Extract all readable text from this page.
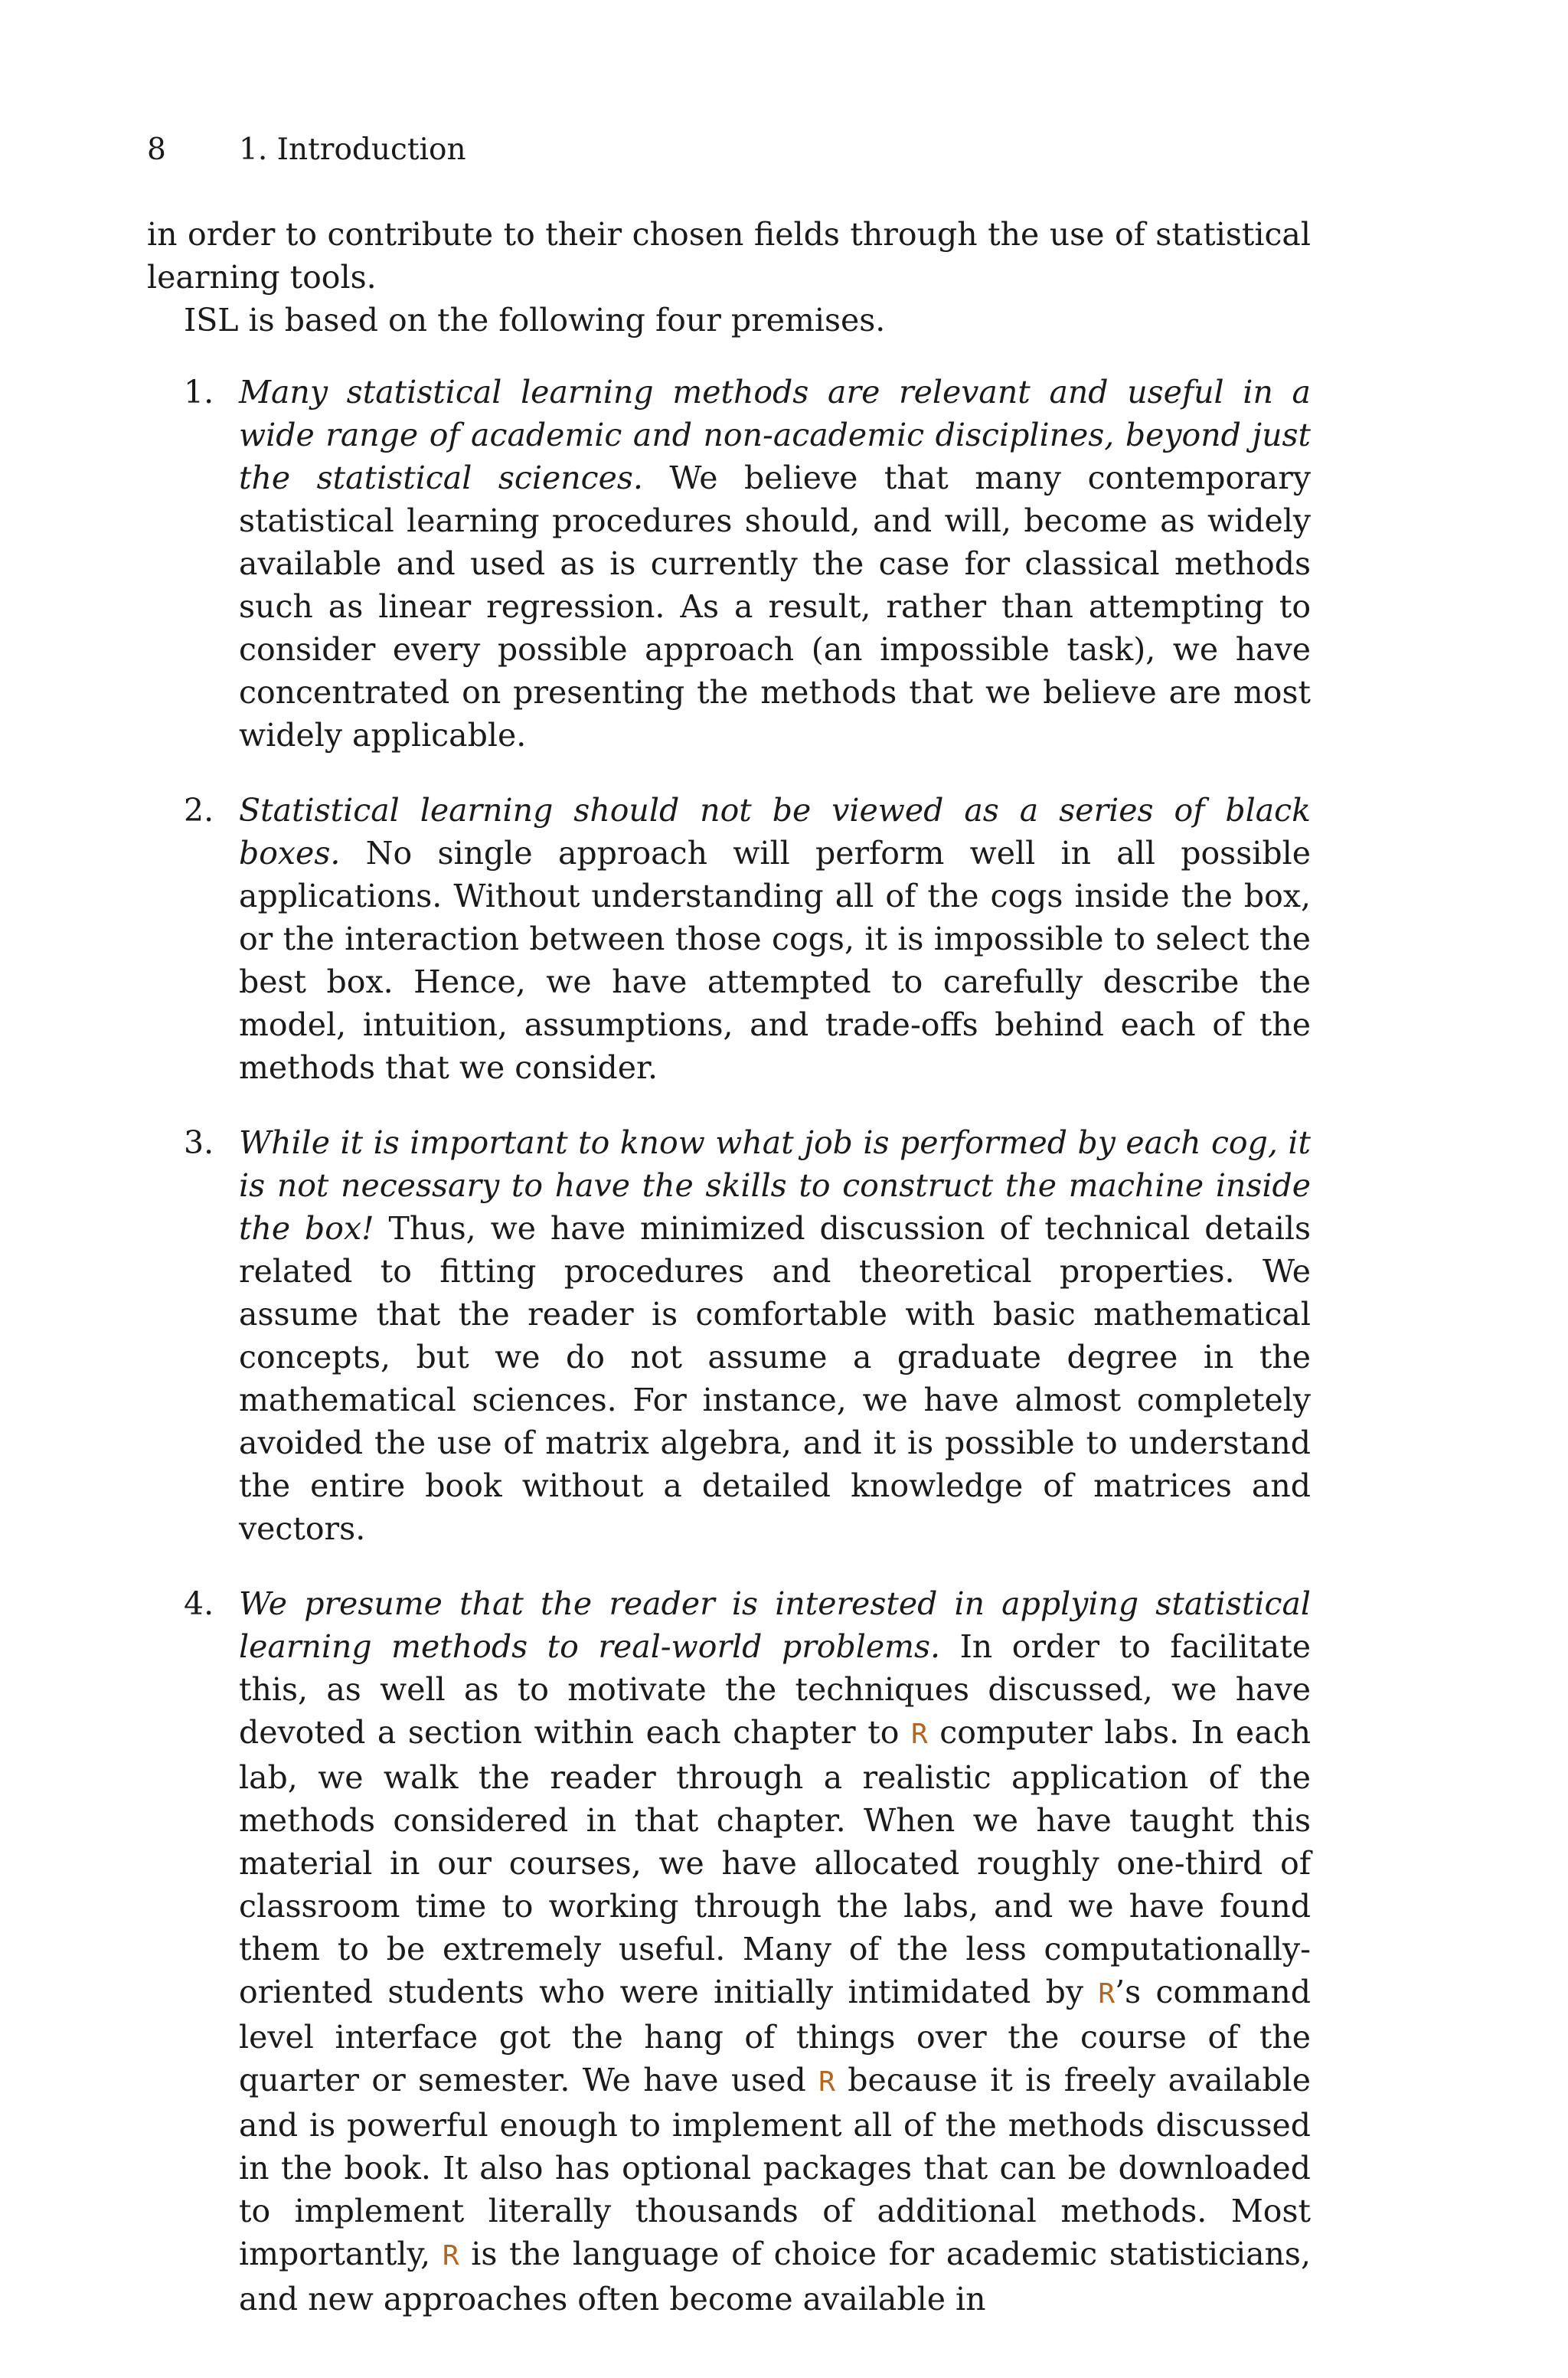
8 1. Introduction

in order to contribute to their chosen fields through the use of statistical learning tools.

ISL is based on the following four premises.

1. Many statistical learning methods are relevant and useful in a wide range of academic and non-academic disciplines, beyond just the statistical sciences. We believe that many contemporary statistical learning procedures should, and will, become as widely available and used as is currently the case for classical methods such as linear regression. As a result, rather than attempting to consider every possible approach (an impossible task), we have concentrated on presenting the methods that we believe are most widely applicable.
2. Statistical learning should not be viewed as a series of black boxes. No single approach will perform well in all possible applications. Without understanding all of the cogs inside the box, or the interaction between those cogs, it is impossible to select the best box. Hence, we have attempted to carefully describe the model, intuition, assumptions, and trade-offs behind each of the methods that we consider.
3. While it is important to know what job is performed by each cog, it is not necessary to have the skills to construct the machine inside the box! Thus, we have minimized discussion of technical details related to fitting procedures and theoretical properties. We assume that the reader is comfortable with basic mathematical concepts, but we do not assume a graduate degree in the mathematical sciences. For instance, we have almost completely avoided the use of matrix algebra, and it is possible to understand the entire book without a detailed knowledge of matrices and vectors.
4. We presume that the reader is interested in applying statistical learning methods to real-world problems. In order to facilitate this, as well as to motivate the techniques discussed, we have devoted a section within each chapter to R computer labs. In each lab, we walk the reader through a realistic application of the methods considered in that chapter. When we have taught this material in our courses, we have allocated roughly one-third of classroom time to working through the labs, and we have found them to be extremely useful. Many of the less computationally-oriented students who were initially intimidated by R’s command level interface got the hang of things over the course of the quarter or semester. We have used R because it is freely available and is powerful enough to implement all of the methods discussed in the book. It also has optional packages that can be downloaded to implement literally thousands of additional methods. Most importantly, R is the language of choice for academic statisticians, and new approaches often become available in
